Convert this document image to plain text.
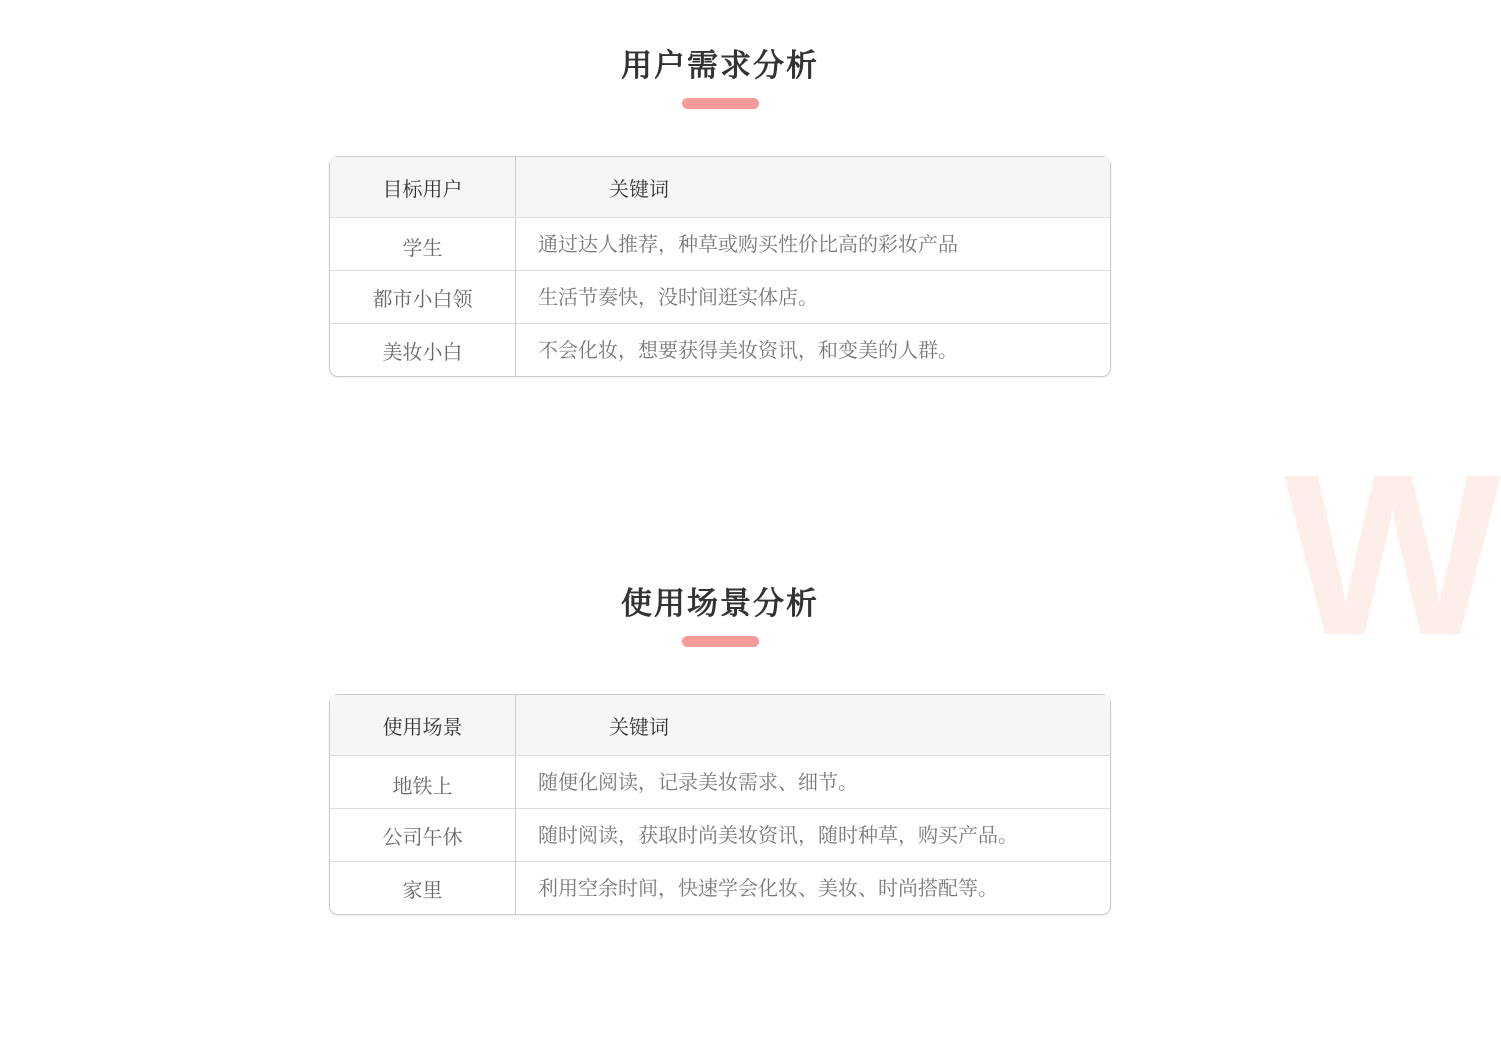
W
用户需求分析
目标用户	关键词
学生	通过达人推荐，种草或购买性价比高的彩妆产品
都市小白领	生活节奏快，没时间逛实体店。
美妆小白	不会化妆，想要获得美妆资讯，和变美的人群。
使用场景分析
使用场景	关键词
地铁上	随便化阅读，记录美妆需求、细节。
公司午休	随时阅读，获取时尚美妆资讯，随时种草，购买产品。
家里	利用空余时间，快速学会化妆、美妆、时尚搭配等。
